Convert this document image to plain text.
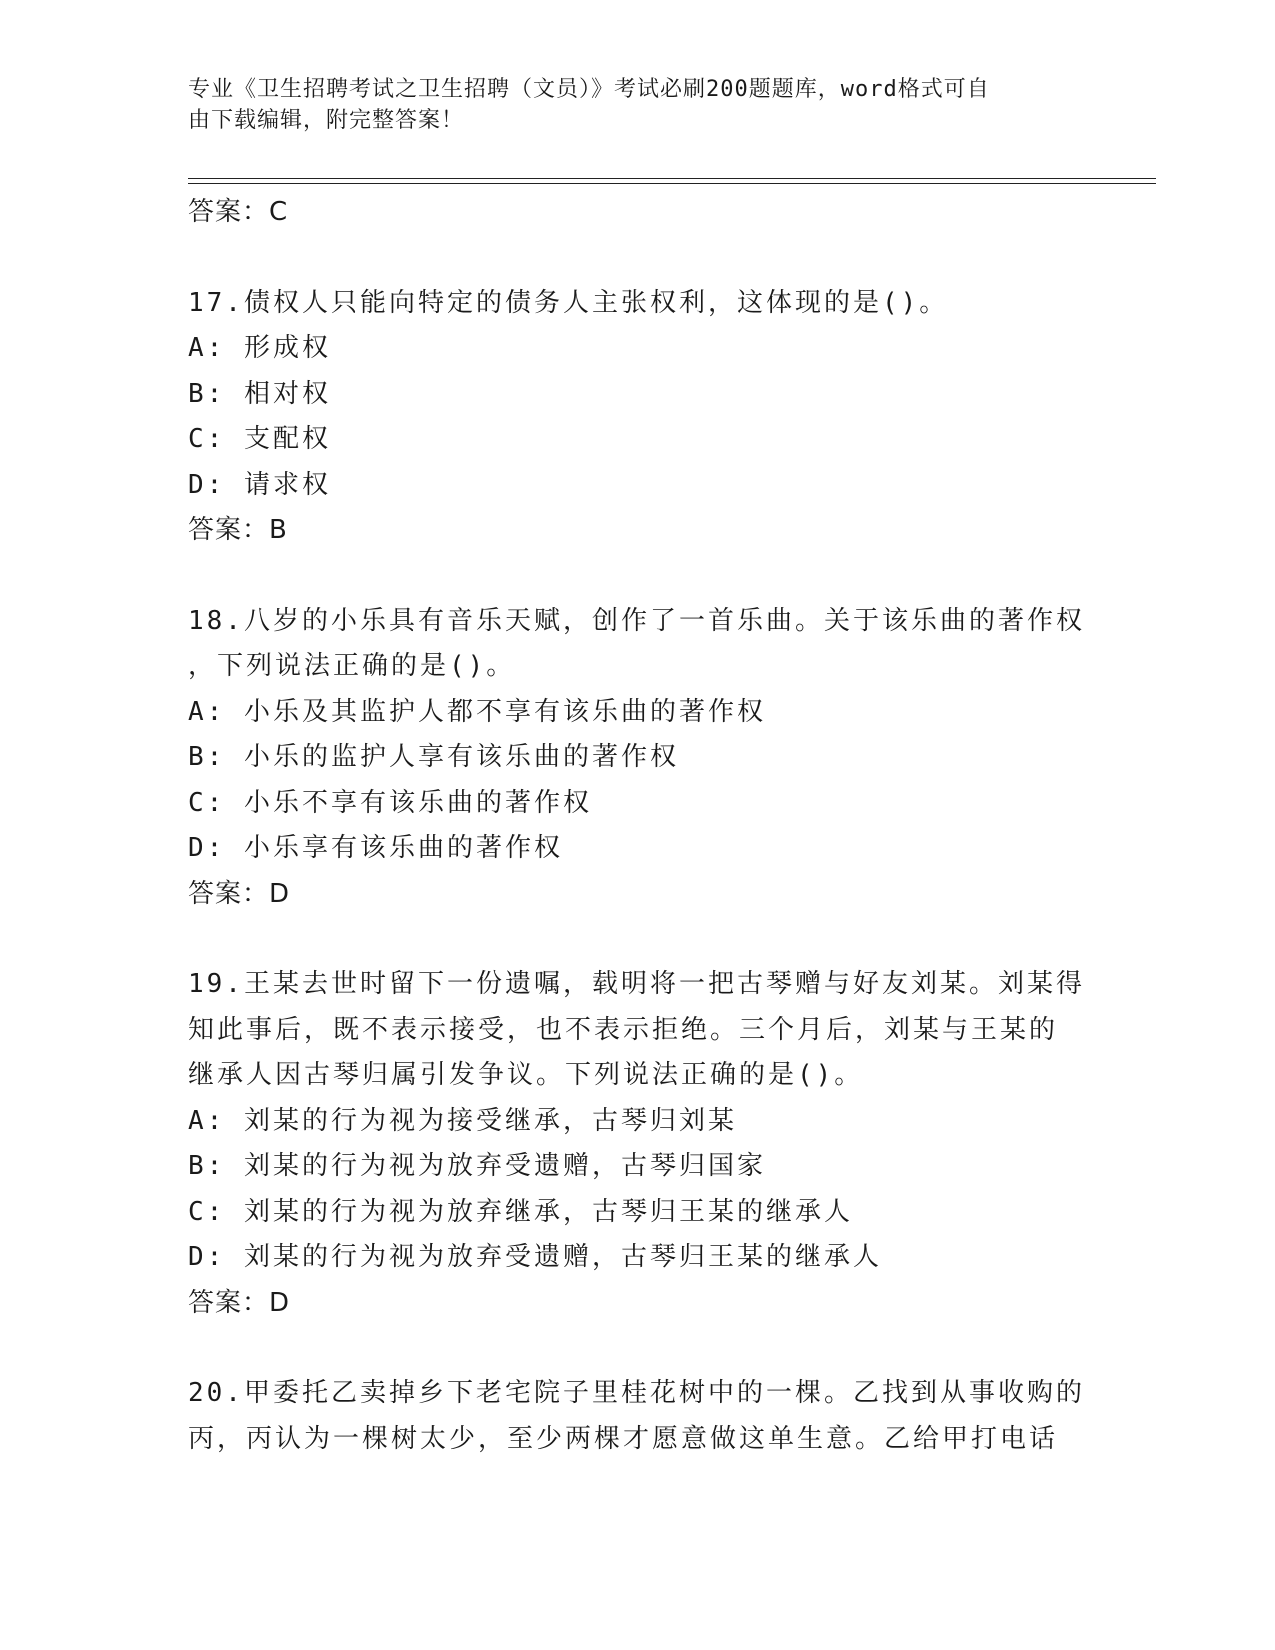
专业《卫生招聘考试之卫生招聘（文员）》考试必刷200题题库，word格式可自
由下载编辑，附完整答案！
答案：C
17.债权人只能向特定的债务人主张权利，这体现的是()。
A: 形成权
B: 相对权
C: 支配权
D: 请求权
答案：B
18.八岁的小乐具有音乐天赋，创作了一首乐曲。关于该乐曲的著作权
，下列说法正确的是()。
A: 小乐及其监护人都不享有该乐曲的著作权
B: 小乐的监护人享有该乐曲的著作权
C: 小乐不享有该乐曲的著作权
D: 小乐享有该乐曲的著作权
答案：D
19.王某去世时留下一份遗嘱，载明将一把古琴赠与好友刘某。刘某得
知此事后，既不表示接受，也不表示拒绝。三个月后，刘某与王某的
继承人因古琴归属引发争议。下列说法正确的是()。
A: 刘某的行为视为接受继承，古琴归刘某
B: 刘某的行为视为放弃受遗赠，古琴归国家
C: 刘某的行为视为放弃继承，古琴归王某的继承人
D: 刘某的行为视为放弃受遗赠，古琴归王某的继承人
答案：D
20.甲委托乙卖掉乡下老宅院子里桂花树中的一棵。乙找到从事收购的
丙，丙认为一棵树太少，至少两棵才愿意做这单生意。乙给甲打电话
